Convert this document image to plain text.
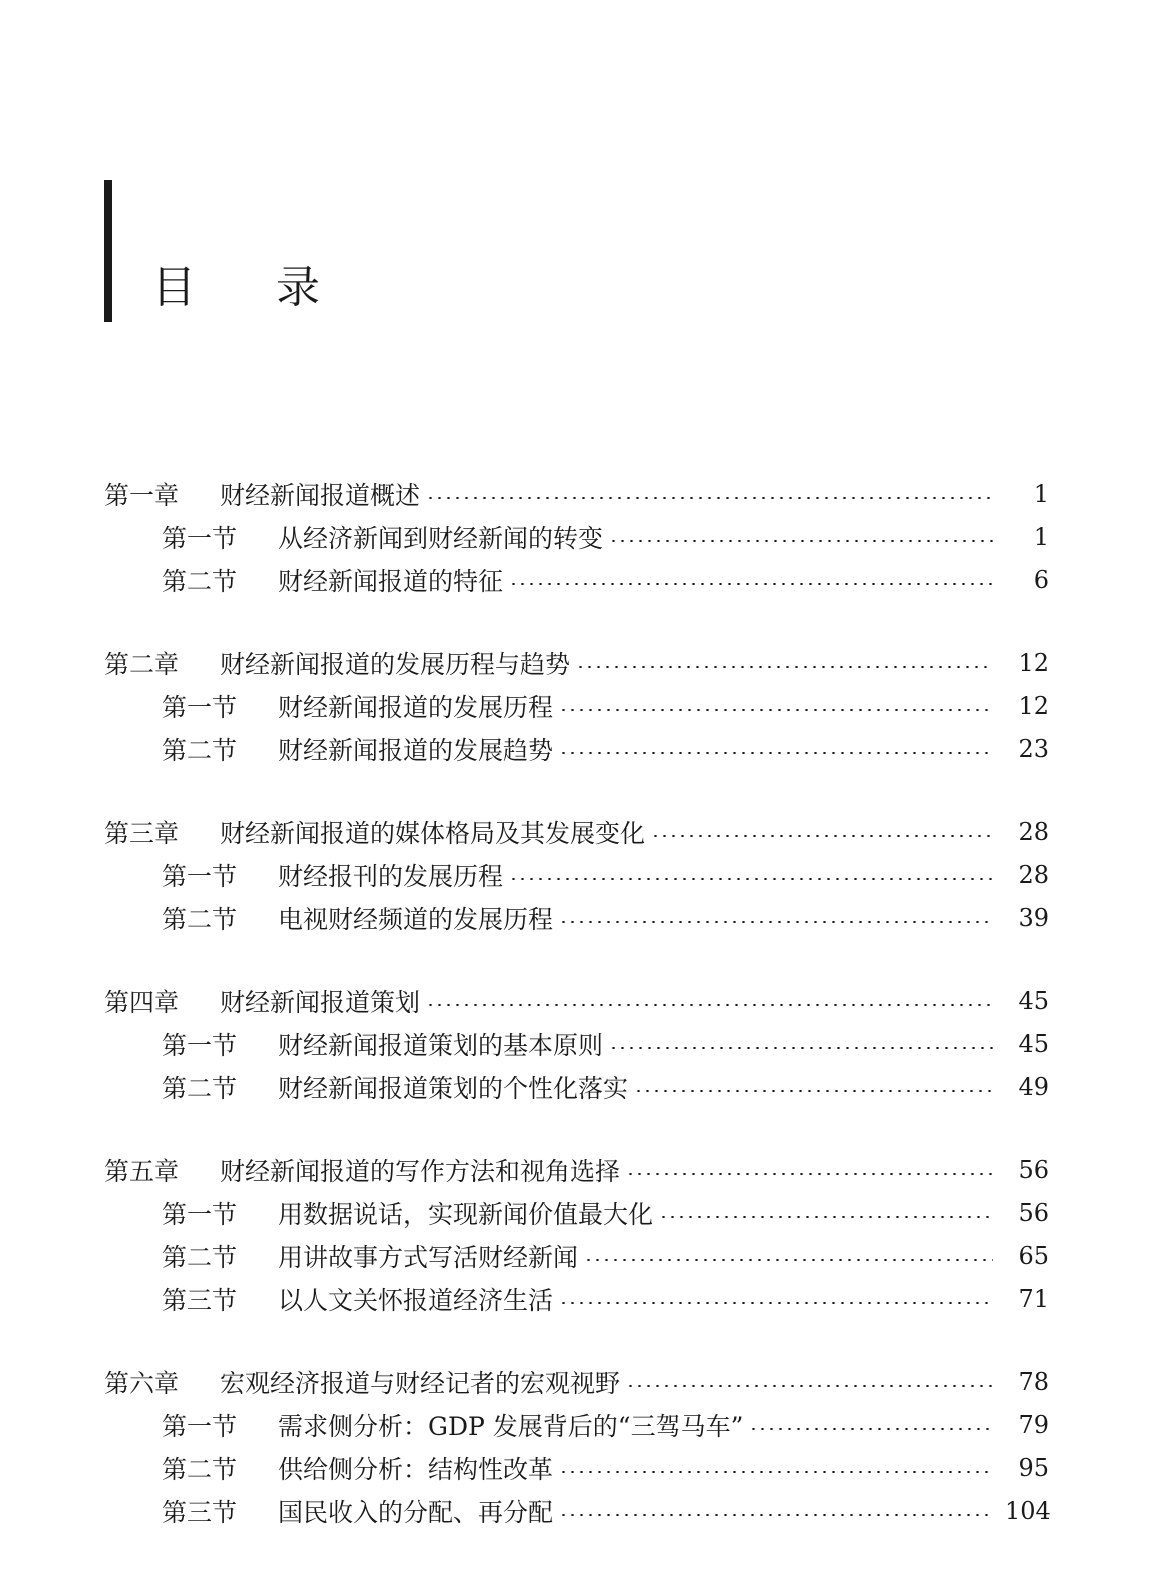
目 录
第一章 财经新闻报道概述	1
第一节 从经济新闻到财经新闻的转变	1
第二节 财经新闻报道的特征	6
第二章 财经新闻报道的发展历程与趋势	12
第一节 财经新闻报道的发展历程	12
第二节 财经新闻报道的发展趋势	23
第三章 财经新闻报道的媒体格局及其发展变化	28
第一节 财经报刊的发展历程	28
第二节 电视财经频道的发展历程	39
第四章 财经新闻报道策划	45
第一节 财经新闻报道策划的基本原则	45
第二节 财经新闻报道策划的个性化落实	49
第五章 财经新闻报道的写作方法和视角选择	56
第一节 用数据说话，实现新闻价值最大化	56
第二节 用讲故事方式写活财经新闻	65
第三节 以人文关怀报道经济生活	71
第六章 宏观经济报道与财经记者的宏观视野	78
第一节 需求侧分析：GDP 发展背后的“三驾马车”	79
第二节 供给侧分析：结构性改革	95
第三节 国民收入的分配、再分配	104
